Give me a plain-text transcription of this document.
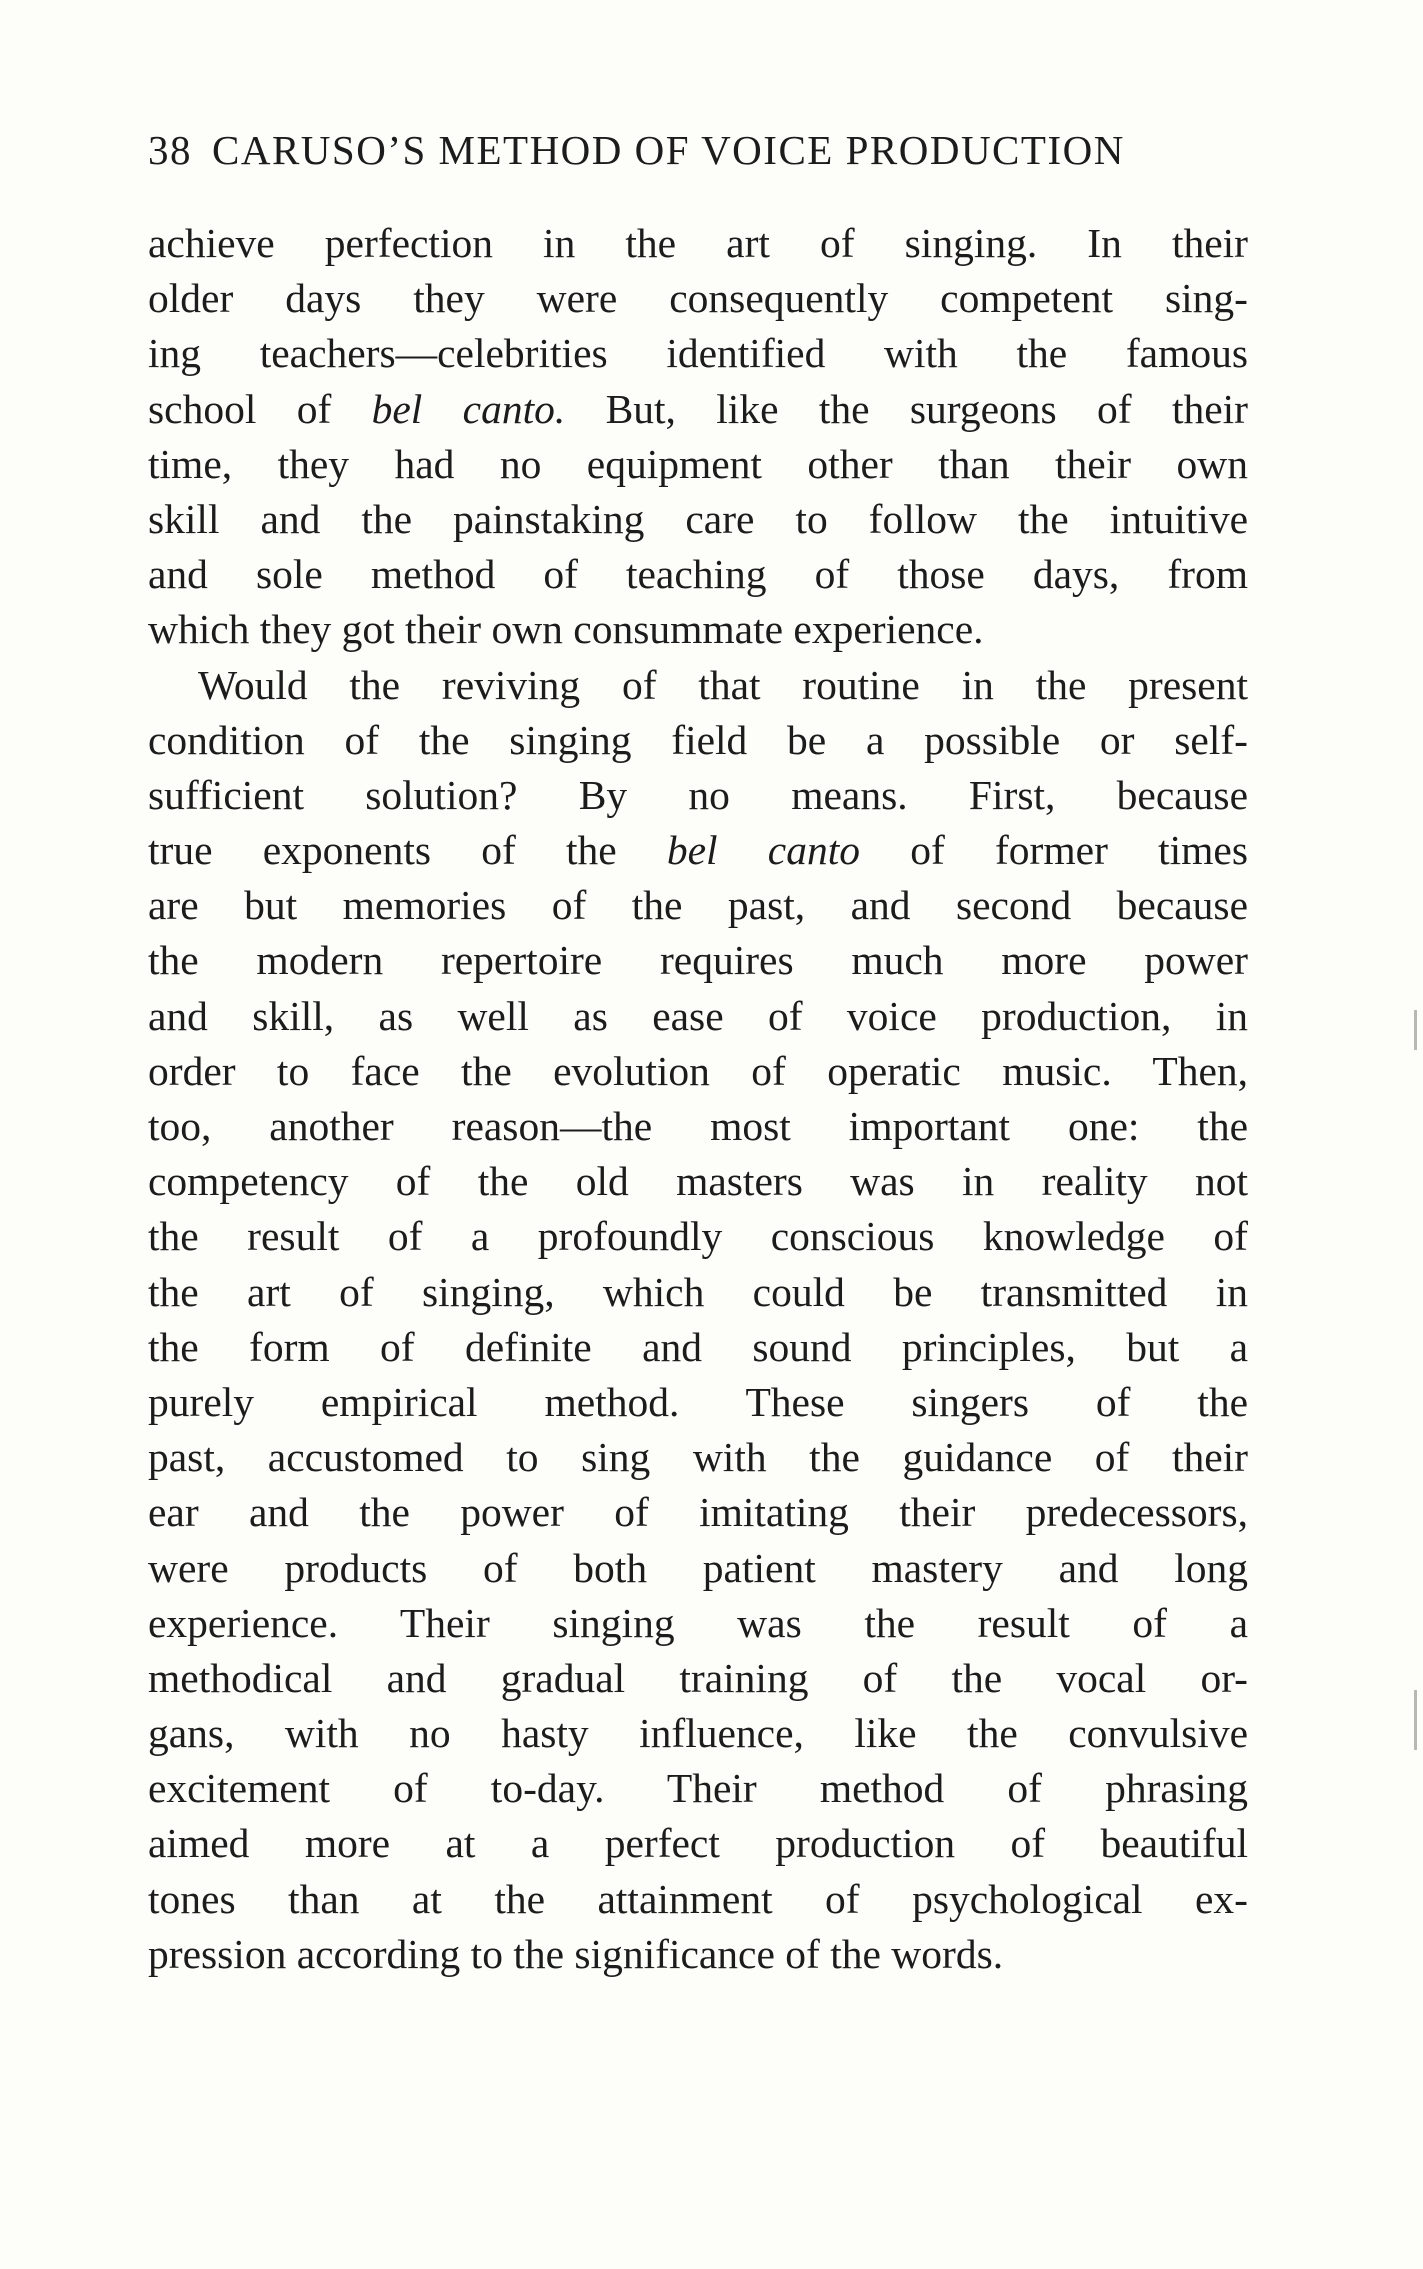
38 CARUSO’S METHOD OF VOICE PRODUCTION
achieve perfection in the art of singing. In their
older days they were consequently competent sing-
ing teachers—celebrities identified with the famous
school of bel canto. But, like the surgeons of their
time, they had no equipment other than their own
skill and the painstaking care to follow the intuitive
and sole method of teaching of those days, from
which they got their own consummate experience.
Would the reviving of that routine in the present
condition of the singing field be a possible or self-
sufficient solution? By no means. First, because
true exponents of the bel canto of former times
are but memories of the past, and second because
the modern repertoire requires much more power
and skill, as well as ease of voice production, in
order to face the evolution of operatic music. Then,
too, another reason—the most important one: the
competency of the old masters was in reality not
the result of a profoundly conscious knowledge of
the art of singing, which could be transmitted in
the form of definite and sound principles, but a
purely empirical method. These singers of the
past, accustomed to sing with the guidance of their
ear and the power of imitating their predecessors,
were products of both patient mastery and long
experience. Their singing was the result of a
methodical and gradual training of the vocal or-
gans, with no hasty influence, like the convulsive
excitement of to-day. Their method of phrasing
aimed more at a perfect production of beautiful
tones than at the attainment of psychological ex-
pression according to the significance of the words.
